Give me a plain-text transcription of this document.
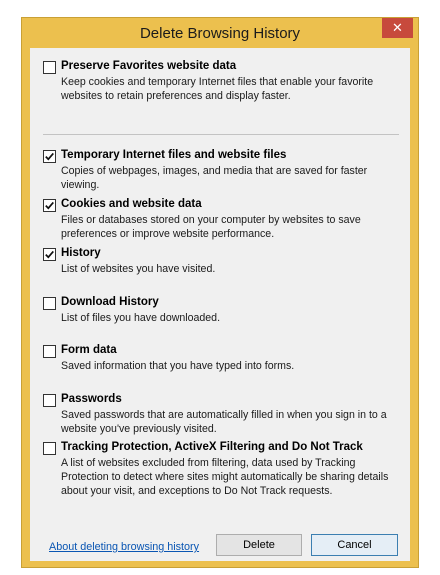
Delete Browsing History	✕
Preserve Favorites website data
Keep cookies and temporary Internet files that enable your favorite websites to retain preferences and display faster.
Temporary Internet files and website files
Copies of webpages, images, and media that are saved for faster viewing.
Cookies and website data
Files or databases stored on your computer by websites to save preferences or improve website performance.
History
List of websites you have visited.
Download History
List of files you have downloaded.
Form data
Saved information that you have typed into forms.
Passwords
Saved passwords that are automatically filled in when you sign in to a website you've previously visited.
Tracking Protection, ActiveX Filtering and Do Not Track
A list of websites excluded from filtering, data used by Tracking Protection to detect where sites might automatically be sharing details about your visit, and exceptions to Do Not Track requests.
About deleting browsing history	Delete	Cancel
